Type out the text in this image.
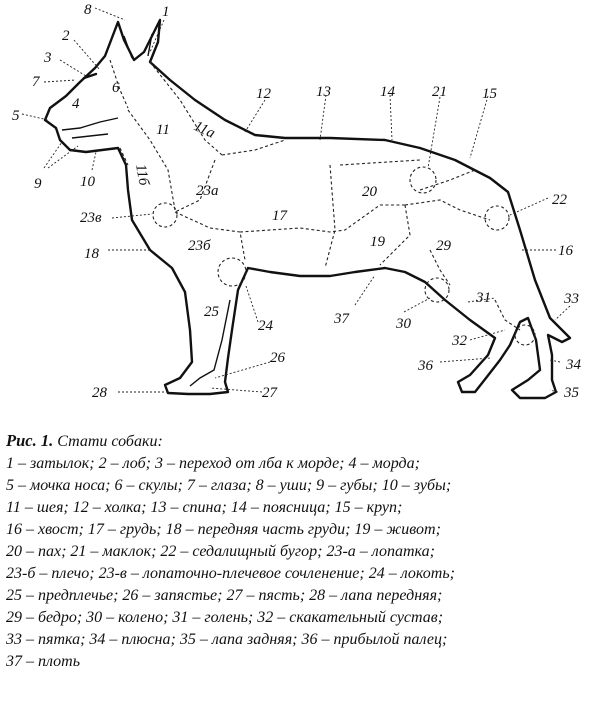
1
2
3
4
5
6
7
8
9	10
11 11a
11б
12	13	14	15
16
17
18
19
20
21
22
23а
23б
23в
24
25
26
27
28
29
30
31
32
33
34
35
36
37
Рис. 1. Стати собаки:
1 – затылок; 2 – лоб; 3 – переход от лба к морде; 4 – морда;
5 – мочка носа; 6 – скулы; 7 – глаза; 8 – уши; 9 – губы; 10 – зубы;
11 – шея; 12 – холка; 13 – спина; 14 – поясница; 15 – круп;
16 – хвост; 17 – грудь; 18 – передняя часть груди; 19 – живот;
20 – пах; 21 – маклок; 22 – седалищный бугор; 23-а – лопатка;
23-б – плечо; 23-в – лопаточно-плечевое сочленение; 24 – локоть;
25 – предплечье; 26 – запястье; 27 – пясть; 28 – лапа передняя;
29 – бедро; 30 – колено; 31 – голень; 32 – скакательный сустав;
33 – пятка; 34 – плюсна; 35 – лапа задняя; 36 – прибылой палец;
37 – плоть
